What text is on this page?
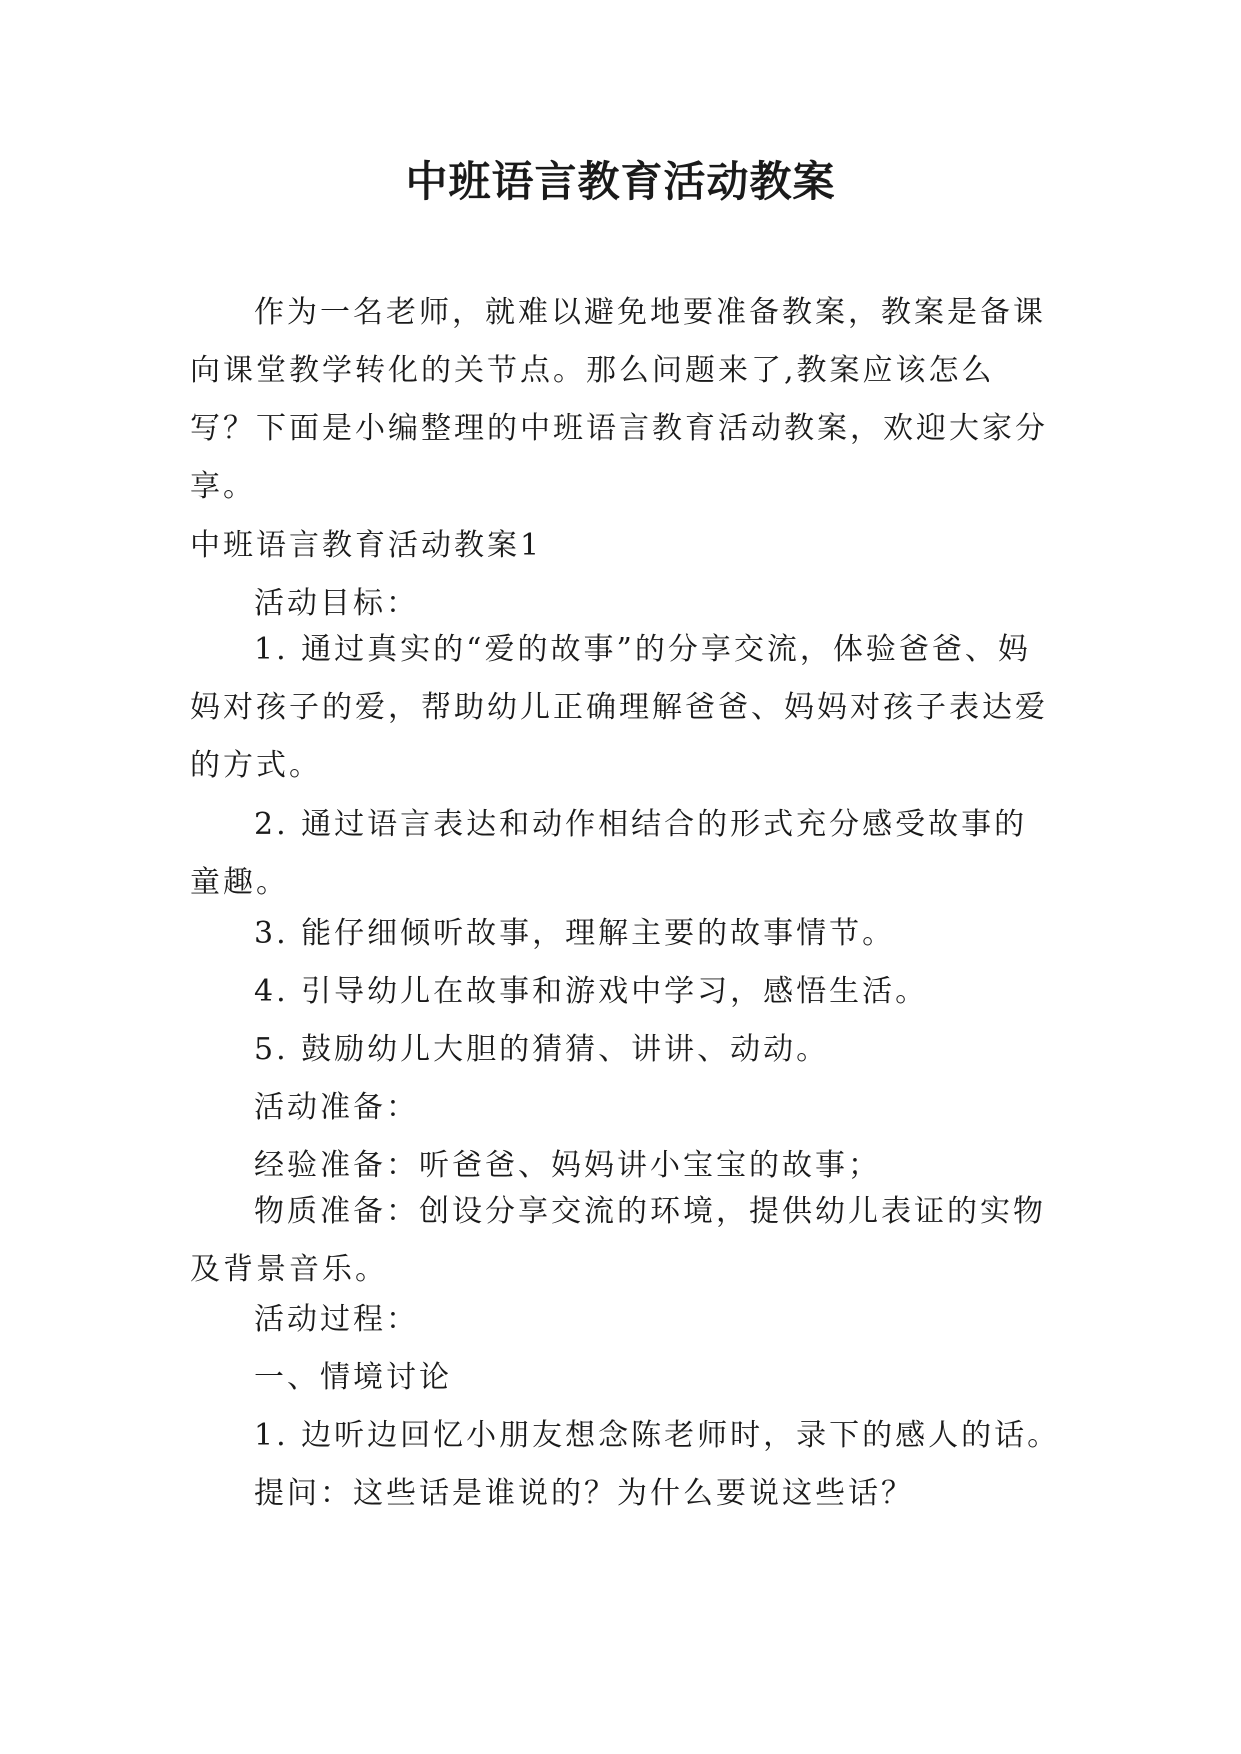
中班语言教育活动教案
作为一名老师，就难以避免地要准备教案，教案是备课向课堂教学转化的关节点。那么问题来了,教案应该怎么写？下面是小编整理的中班语言教育活动教案，欢迎大家分享。
中班语言教育活动教案1
活动目标：
1. 通过真实的“爱的故事”的分享交流，体验爸爸、妈妈对孩子的爱，帮助幼儿正确理解爸爸、妈妈对孩子表达爱的方式。
2. 通过语言表达和动作相结合的形式充分感受故事的童趣。
3. 能仔细倾听故事，理解主要的故事情节。
4. 引导幼儿在故事和游戏中学习，感悟生活。
5. 鼓励幼儿大胆的猜猜、讲讲、动动。
活动准备：
经验准备：听爸爸、妈妈讲小宝宝的故事；
物质准备：创设分享交流的环境，提供幼儿表证的实物及背景音乐。
活动过程：
一、情境讨论
1. 边听边回忆小朋友想念陈老师时，录下的感人的话。
提问：这些话是谁说的？为什么要说这些话？
